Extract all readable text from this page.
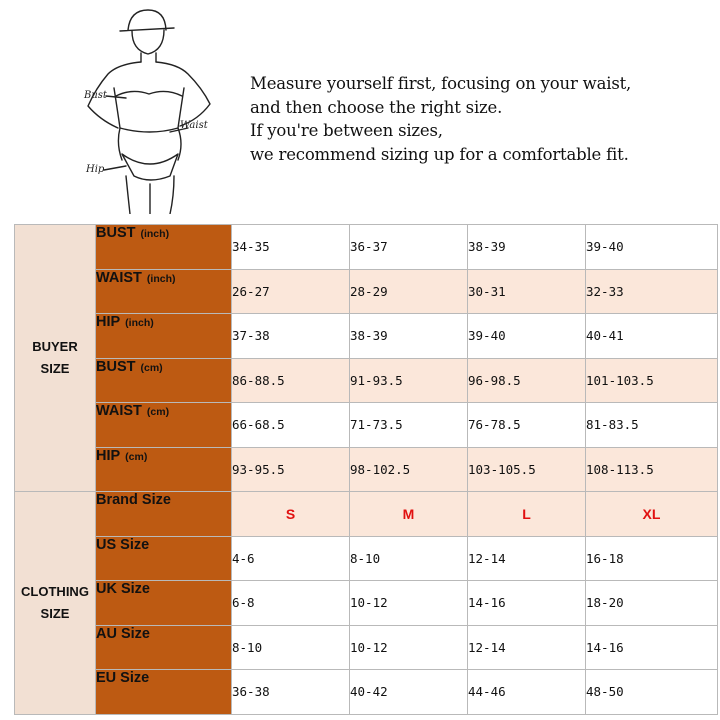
Bust
Waist
Hip
Measure yourself first, focusing on your waist,
and then choose the right size.
If you're between sizes,
we recommend sizing up for a comfortable fit.
BUYER
SIZE	BUST (inch)	34-35	36-37	38-39	39-40
	WAIST (inch)	26-27	28-29	30-31	32-33
	HIP (inch)	37-38	38-39	39-40	40-41
	BUST (cm)	86-88.5	91-93.5	96-98.5	101-103.5
	WAIST (cm)	66-68.5	71-73.5	76-78.5	81-83.5
	HIP (cm)	93-95.5	98-102.5	103-105.5	108-113.5

CLOTHING
SIZE	Brand Size	S	M	L	XL
	US Size	4-6	8-10	12-14	16-18
	UK Size	6-8	10-12	14-16	18-20
	AU Size	8-10	10-12	12-14	14-16
	EU Size	36-38	40-42	44-46	48-50
